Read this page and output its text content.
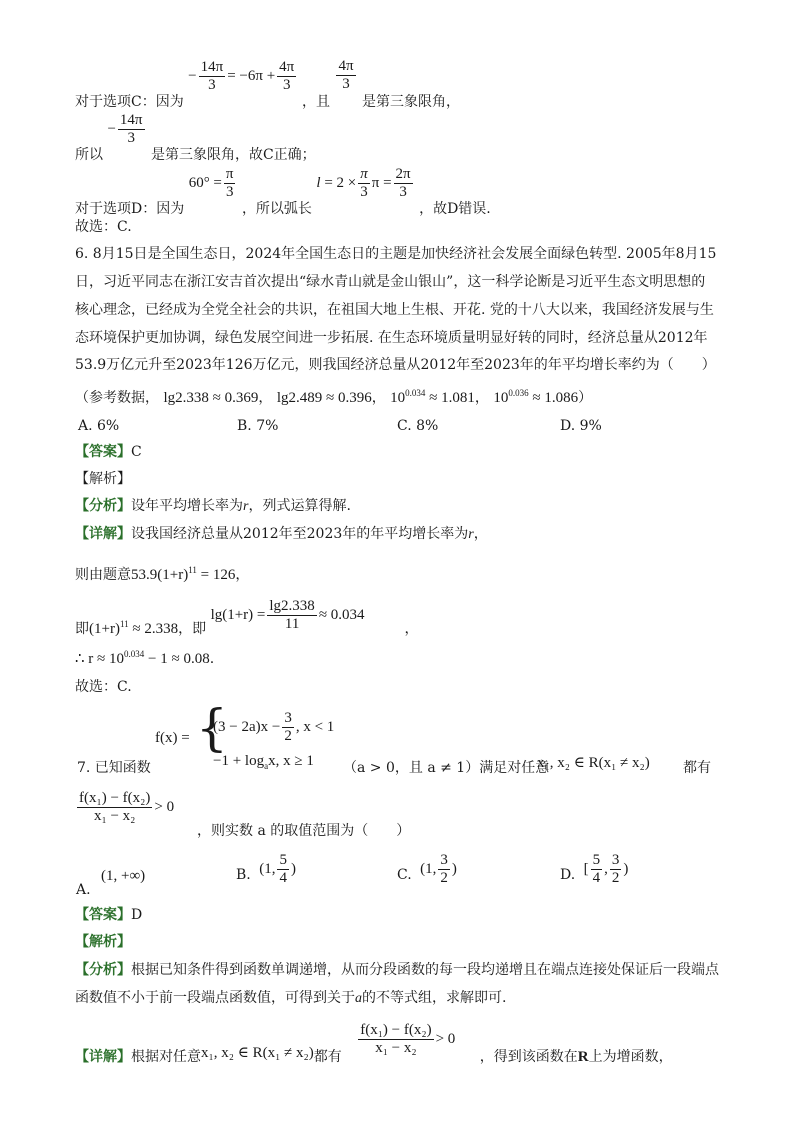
对于选项C：因为 − $\frac{14\pi}{3} = -6\pi + \frac{4\pi}{3}$
，且
$\frac{4\pi}{3}$
是第三象限角，
所以 − $\frac{14\pi}{3}$
是第三象限角，故C正确；
对于选项D：因为 $60^\circ = \frac{\pi}{3}$
，所以弧长 $l = 2 \times \frac{\pi}{3}$ $\pi = \frac{2\pi}{3}$
，故D错误.
故选：C.
6. 8月15日是全国生态日，2024年全国生态日的主题是加快经济社会发展全面绿色转型. 2005年8月15
日，习近平同志在浙江安吉首次提出“绿水青山就是金山银山”，这一科学论断是习近平生态文明思想的
核心理念，已经成为全党全社会的共识，在祖国大地上生根、开花. 党的十八大以来，我国经济发展与生
态环境保护更加协调，绿色发展空间进一步拓展. 在生态环境质量明显好转的同时，经济总量从2012年
53.9万亿元升至2023年126万亿元，则我国经济总量从2012年至2023年的年平均增长率约为（　　）
（参考数据， lg2.338 ≈ 0.369， lg2.489 ≈ 0.396， $10^{0.034} \approx 1.081$， $10^{0.036} \approx 1.086$）
A. 6%	B. 7%	C. 8%	D. 9%
【答案】C
【解析】
【分析】设年平均增长率为r，列式运算得解.
【详解】设我国经济总量从2012年至2023年的年平均增长率为r，
则由题意$53.9(1+r)^{11} = 126$，
即$(1+r)^{11} \approx 2.338$，即 $\lg(1+r) = \frac{\lg 2.338}{11} \approx 0.034$，
∴ $r \approx 10^{0.034} - 1 \approx 0.08$.
故选：C.
7. 已知函数
f(x) = {
$(3 - 2a)x - \frac{3}{2}$ , x < 1
$-1 + \log_ax$, x ≥ 1 （a > 0，且 a ≠ 1）满足对任意
x₁, x₂ ∈ R(x₁ ≠ x₂) 都有
$\frac{\text{f(x₁) − f(x₂)}}{\text{x₁ − x₂}} > 0$
，则实数 a 的取值范围为（　　）
A. (1, +∞)	B. (1, $\frac{5}{4}$ )	C. (1, $\frac{3}{2}$ )	D. [ $\frac{5}{4}$ , $\frac{3}{2}$ )
【答案】D
【解析】
【分析】根据已知条件得到函数单调递增，从而分段函数的每一段均递增且在端点连接处保证后一段端点
函数值不小于前一段端点函数值，可得到关于a的不等式组，求解即可.
【详解】根据对任意x₁, x₂ ∈ R(x₁ ≠ x₂)都有 $\frac{\text{f(x₁) − f(x₂)}}{\text{x₁ − x₂}} > 0$ ，得到该函数在R上为增函数，
